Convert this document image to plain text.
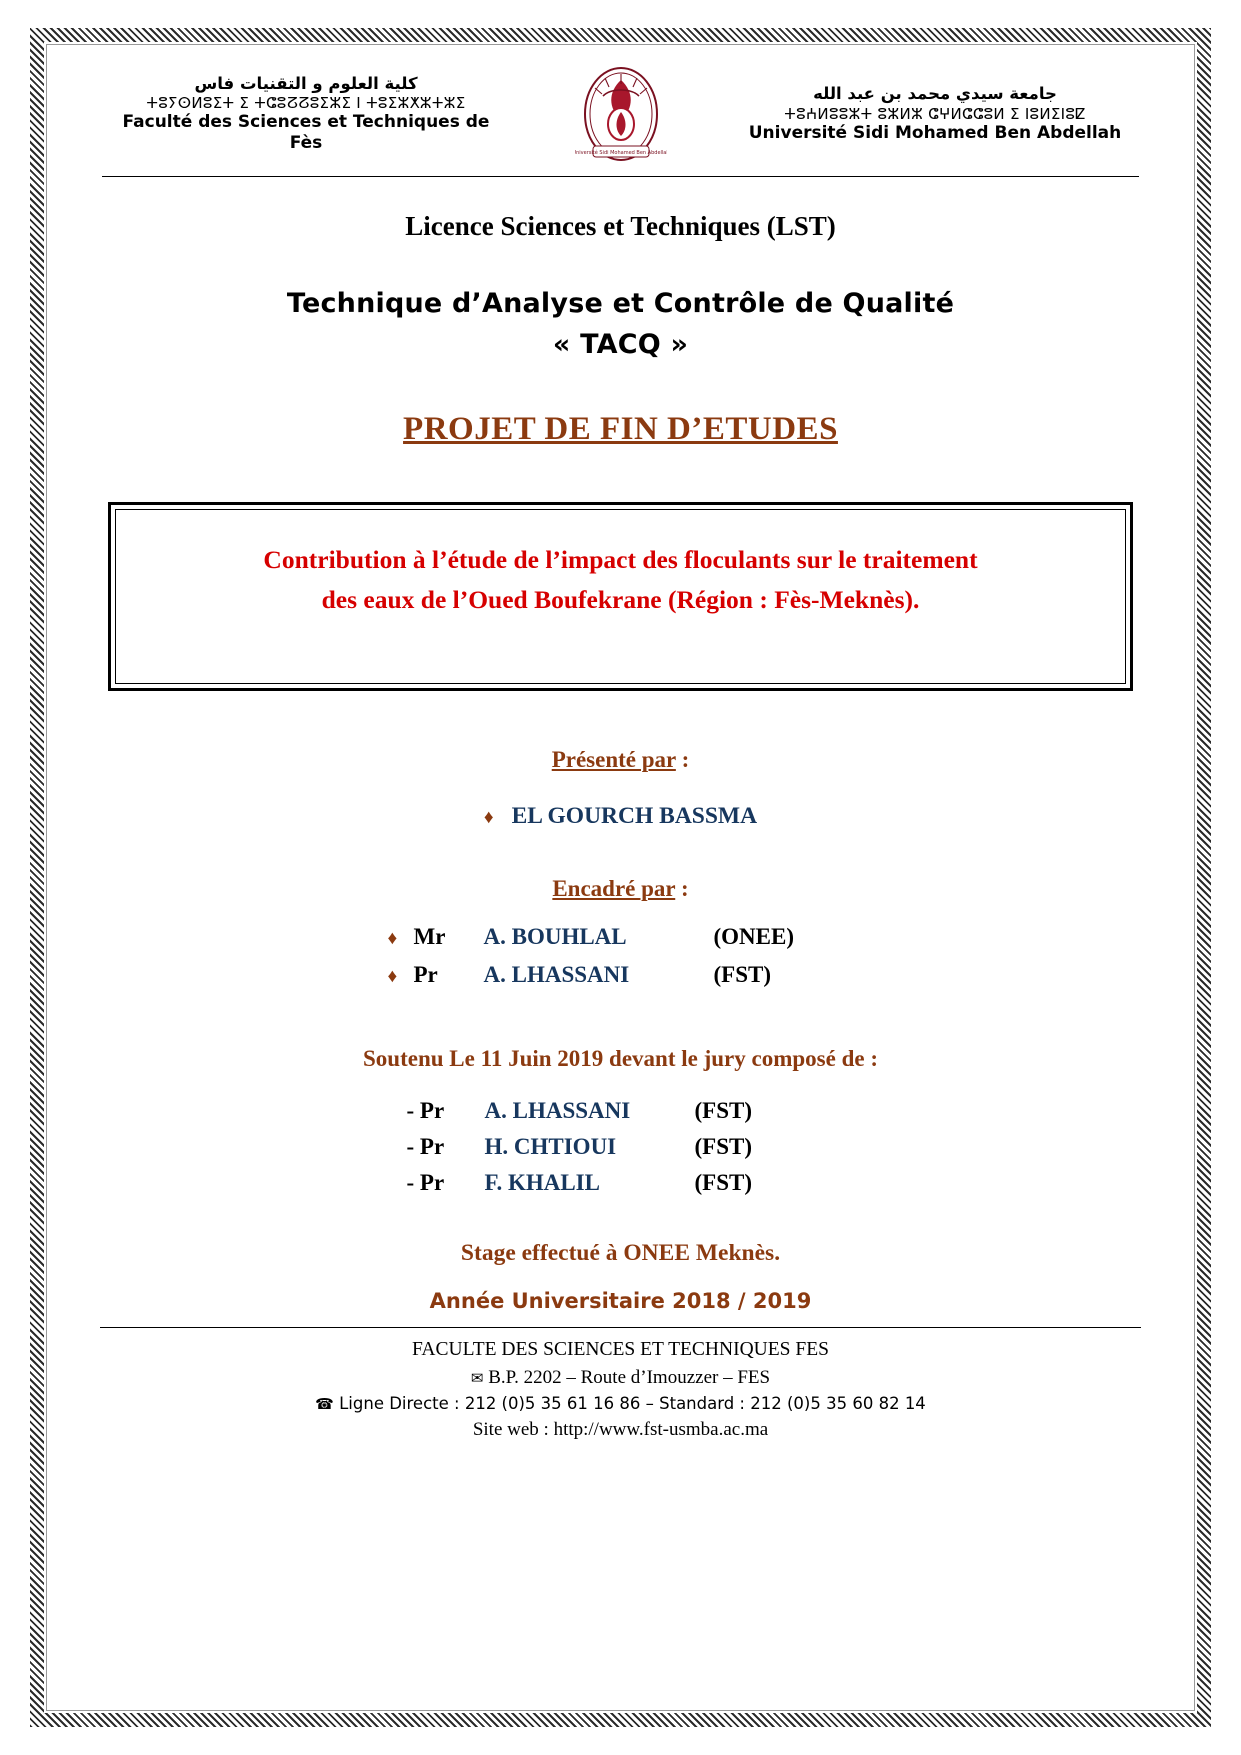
كلية العلوم و التقنيات فاس
ⵜⵓⵢⵙⵍⵓⵉⵜ ⵉ ⵜⵛⵓⵒⵒⵓⵉⵣⵉ ⵏ ⵜⵓⵉⵣⵅⵣⵜⵣⵉ
Faculté des Sciences et Techniques de Fès	Université Sidi Mohamed Ben Abdellah
جامعة سيدي محمد بن عبد الله
ⵜⵓⵄⵍⵓⵓⵣⵜ ⵓⵣⵍⵣ ⵛⵖⵍⵛⵛⵓⵍ ⵉ ⵏⵓⵍⵉⵏⵓⵇ
Université Sidi Mohamed Ben Abdellah
Licence Sciences et Techniques (LST)
Technique d’Analyse et Contrôle de Qualité
« TACQ »
PROJET DE FIN D’ETUDES
Contribution à l’étude de l’impact des floculants sur le traitement
des eaux de l’Oued Boufekrane (Région : Fès-Meknès).
Présenté par :
♦ EL GOURCH BASSMA
Encadré par :
♦ Mr	A. BOUHLAL	(ONEE)
♦ Pr	A. LHASSANI	(FST)
Soutenu Le 11 Juin 2019 devant le jury composé de :
- Pr	A. LHASSANI	(FST)
- Pr	H. CHTIOUI	(FST)
- Pr	F. KHALIL	(FST)
Stage effectué à ONEE Meknès.
Année Universitaire 2018 / 2019
FACULTE DES SCIENCES ET TECHNIQUES FES
✉ B.P. 2202 – Route d’Imouzzer – FES
☎ Ligne Directe : 212 (0)5 35 61 16 86 – Standard : 212 (0)5 35 60 82 14
Site web : http://www.fst-usmba.ac.ma
